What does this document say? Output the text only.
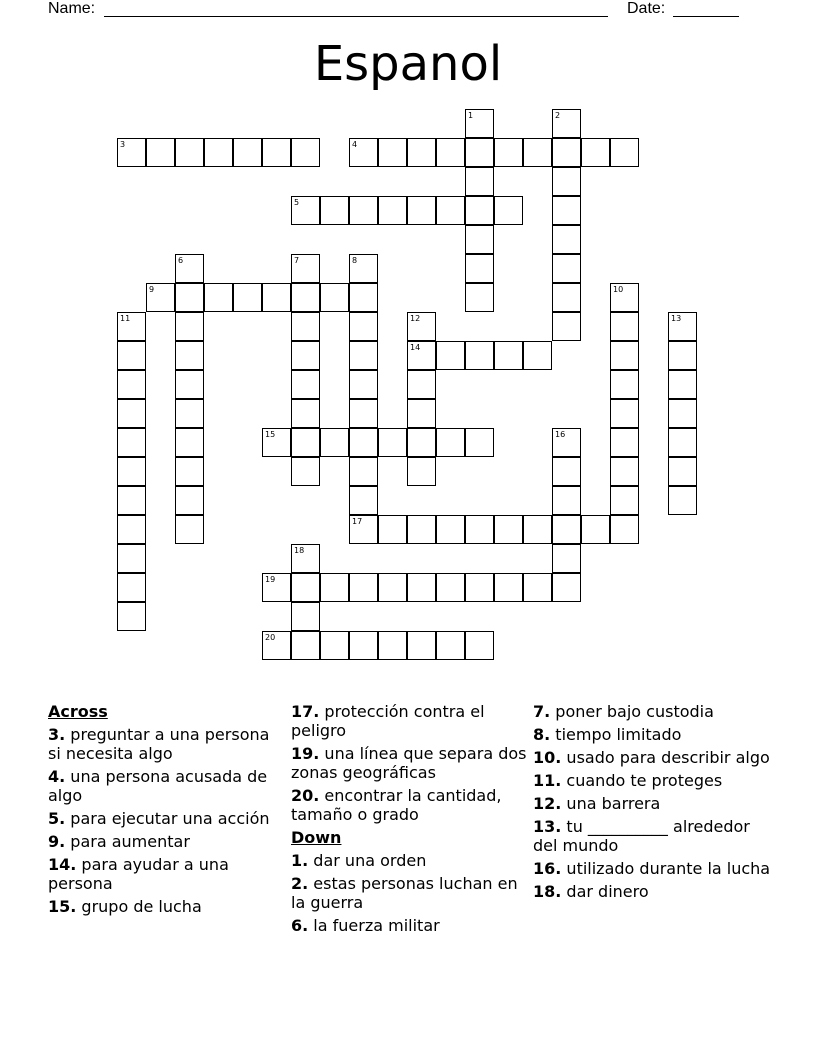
Name:	Date:
Espanol
1	2
3	4
5
6	7	8
9	10
11	12	13
14
15	16
17
18
19
20
Across
3. preguntar a una persona si necesita algo
4. una persona acusada de algo
5. para ejecutar una acción
9. para aumentar
14. para ayudar a una persona
15. grupo de lucha
17. protección contra el peligro
19. una línea que separa dos zonas geográficas
20. encontrar la cantidad, tamaño o grado
Down
1. dar una orden
2. estas personas luchan en la guerra
6. la fuerza militar
7. poner bajo custodia
8. tiempo limitado
10. usado para describir algo
11. cuando te proteges
12. una barrera
13. tu __________ alrededor del mundo
16. utilizado durante la lucha
18. dar dinero
